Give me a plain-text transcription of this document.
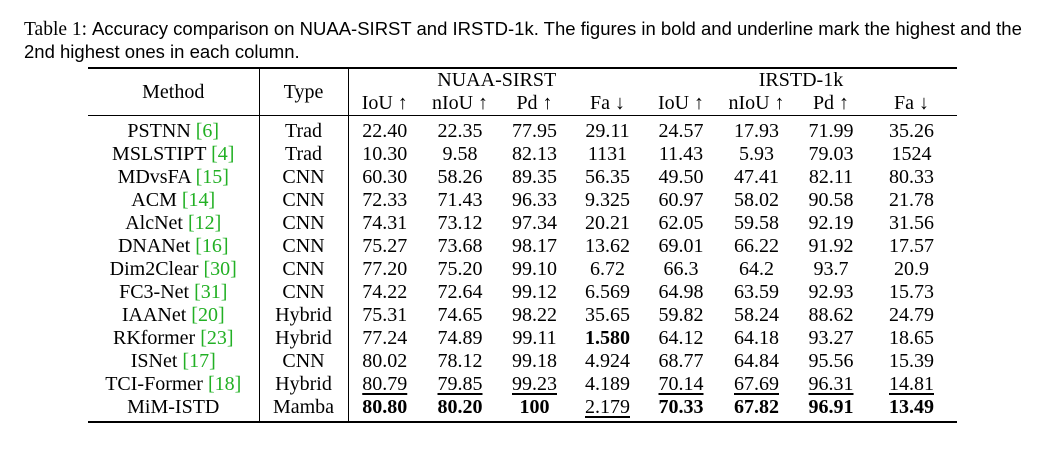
Table 1: Accuracy comparison on NUAA-SIRST and IRSTD-1k. The figures in bold and underline mark the highest and the 2nd highest ones in each column.

Method	Type	NUAA-SIRST				IRSTD-1k			
		IoU ↑	nIoU ↑	Pd ↑	Fa ↓	IoU ↑	nIoU ↑	Pd ↑	Fa ↓

PSTNN [6]	Trad	22.40	22.35	77.95	29.11	24.57	17.93	71.99	35.26
MSLSTIPT [4]	Trad	10.30	9.58	82.13	1131	11.43	5.93	79.03	1524
MDvsFA [15]	CNN	60.30	58.26	89.35	56.35	49.50	47.41	82.11	80.33
ACM [14]	CNN	72.33	71.43	96.33	9.325	60.97	58.02	90.58	21.78
AlcNet [12]	CNN	74.31	73.12	97.34	20.21	62.05	59.58	92.19	31.56
DNANet [16]	CNN	75.27	73.68	98.17	13.62	69.01	66.22	91.92	17.57
Dim2Clear [30]	CNN	77.20	75.20	99.10	6.72	66.3	64.2	93.7	20.9
FC3-Net [31]	CNN	74.22	72.64	99.12	6.569	64.98	63.59	92.93	15.73
IAANet [20]	Hybrid	75.31	74.65	98.22	35.65	59.82	58.24	88.62	24.79
RKformer [23]	Hybrid	77.24	74.89	99.11	1.580	64.12	64.18	93.27	18.65
ISNet [17]	CNN	80.02	78.12	99.18	4.924	68.77	64.84	95.56	15.39
TCI-Former [18]	Hybrid	80.79	79.85	99.23	4.189	70.14	67.69	96.31	14.81
MiM-ISTD	Mamba	80.80	80.20	100	2.179	70.33	67.82	96.91	13.49
